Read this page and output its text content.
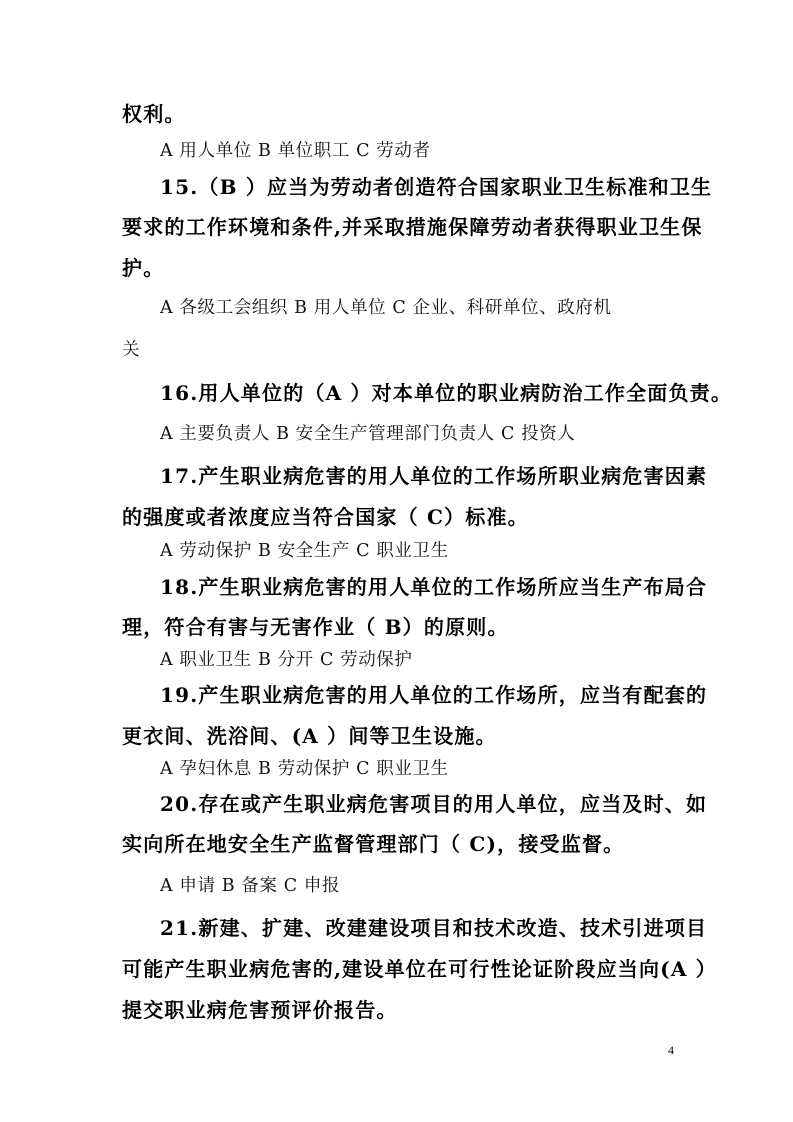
权利。
A 用人单位 B 单位职工 C 劳动者
15.（B ）应当为劳动者创造符合国家职业卫生标准和卫生
要求的工作环境和条件,并采取措施保障劳动者获得职业卫生保
护。
A 各级工会组织 B 用人单位 C 企业、科研单位、政府机
关
16.用人单位的（A ）对本单位的职业病防治工作全面负责。
A 主要负责人 B 安全生产管理部门负责人 C 投资人
17.产生职业病危害的用人单位的工作场所职业病危害因素
的强度或者浓度应当符合国家（ C）标准。
A 劳动保护 B 安全生产 C 职业卫生
18.产生职业病危害的用人单位的工作场所应当生产布局合
理，符合有害与无害作业（ B）的原则。
A 职业卫生 B 分开 C 劳动保护
19.产生职业病危害的用人单位的工作场所，应当有配套的
更衣间、洗浴间、(A ）间等卫生设施。
A 孕妇休息 B 劳动保护 C 职业卫生
20.存在或产生职业病危害项目的用人单位，应当及时、如
实向所在地安全生产监督管理部门（ C)，接受监督。
A 申请 B 备案 C 申报
21.新建、扩建、改建建设项目和技术改造、技术引进项目
可能产生职业病危害的,建设单位在可行性论证阶段应当向(A ）
提交职业病危害预评价报告。
4
